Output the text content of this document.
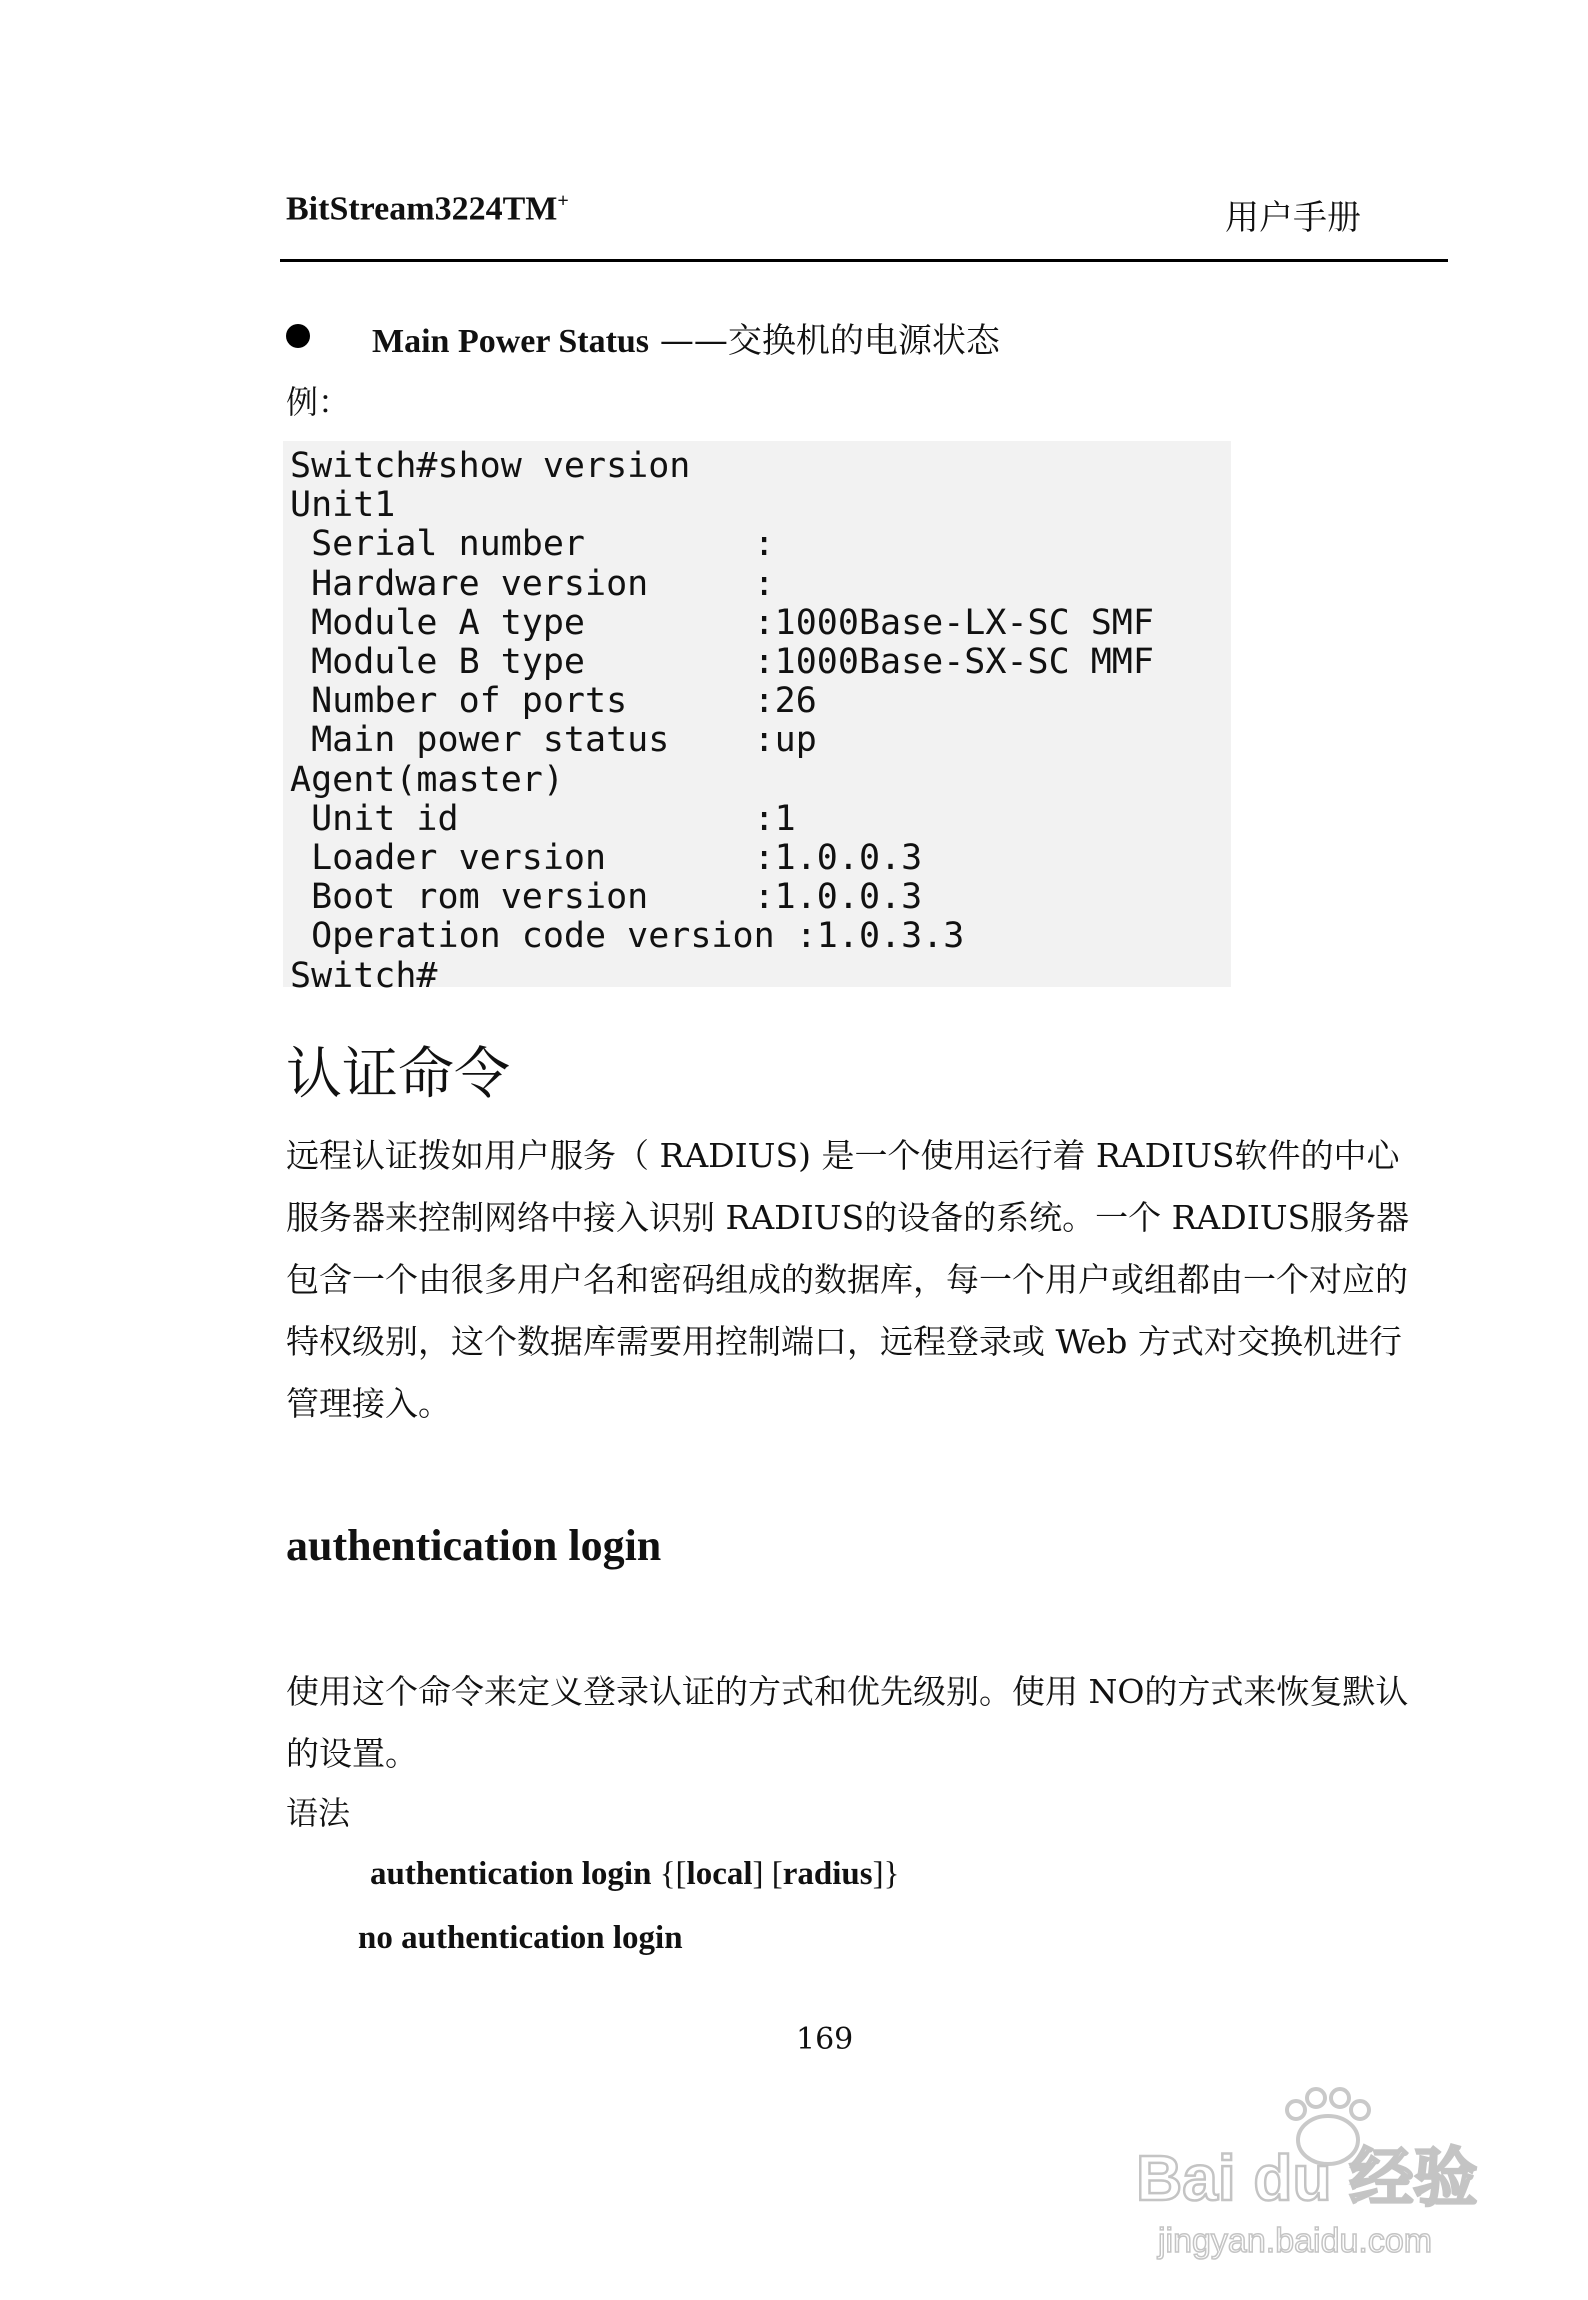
BitStream3224TM+	用户手册
Main Power Status ——交换机的电源状态
例：
Switch#show version
Unit1
Serial number        :
Hardware version     :
Module A type        :1000Base-LX-SC SMF
Module B type        :1000Base-SX-SC MMF
Number of ports      :26
Main power status    :up
Agent(master)
Unit id              :1
Loader version       :1.0.0.3
Boot rom version     :1.0.0.3
Operation code version :1.0.3.3
Switch#
认证命令
远程认证拨如用户服务（ RADIUS) 是一个使用运行着 RADIUS软件的中心服务器来控制网络中接入识别 RADIUS的设备的系统。一个 RADIUS服务器包含一个由很多用户名和密码组成的数据库，每一个用户或组都由一个对应的特权级别，这个数据库需要用控制端口，远程登录或 Web 方式对交换机进行管理接入。
authentication login
使用这个命令来定义登录认证的方式和优先级别。使用 NO的方式来恢复默认的设置。
语法
authentication login {[local] [radius]}
no authentication login
169
Bai du 经验
jingyan.baidu.com
